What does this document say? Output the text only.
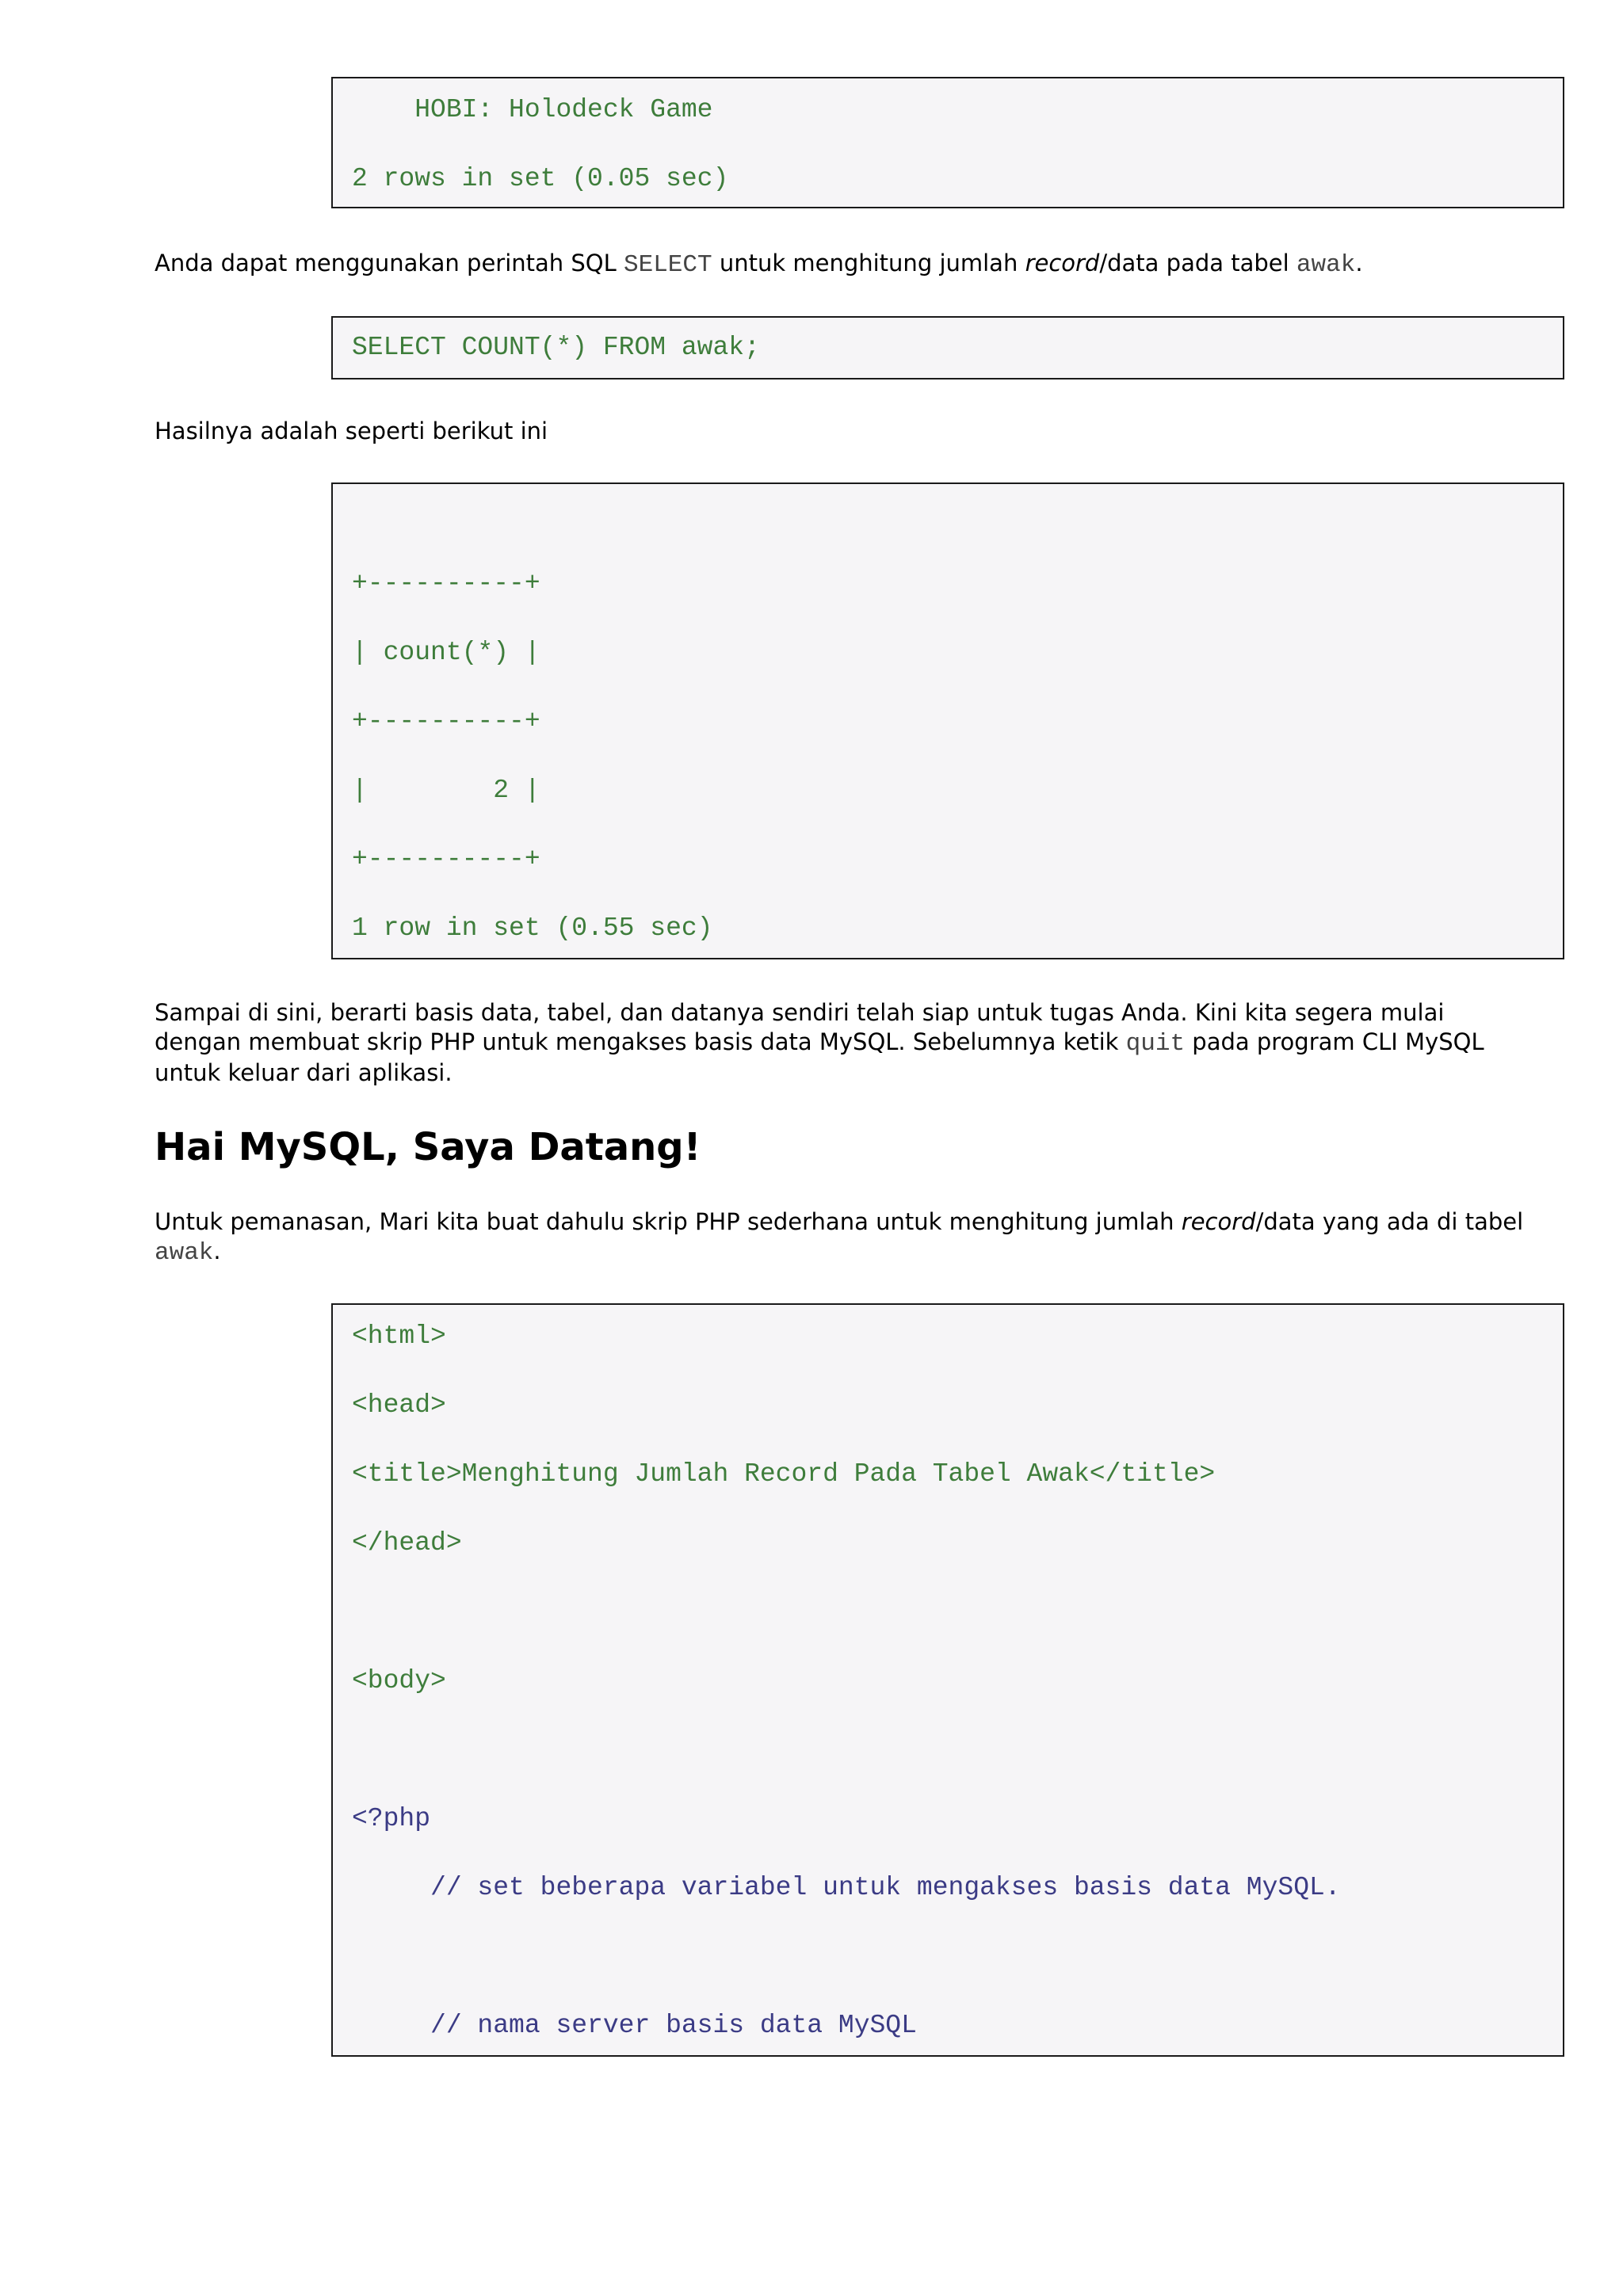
HOBI: Holodeck Game
2 rows in set (0.05 sec)
Anda dapat menggunakan perintah SQL SELECT untuk menghitung jumlah record/data pada tabel awak.
SELECT COUNT(*) FROM awak;
Hasilnya adalah seperti berikut ini
+----------+
| count(*) |
+----------+
|        2 |
+----------+
1 row in set (0.55 sec)
Sampai di sini, berarti basis data, tabel, dan datanya sendiri telah siap untuk tugas Anda. Kini kita segera mulai
dengan membuat skrip PHP untuk mengakses basis data MySQL. Sebelumnya ketik quit pada program CLI MySQL
untuk keluar dari aplikasi.
Hai MySQL, Saya Datang!
Untuk pemanasan, Mari kita buat dahulu skrip PHP sederhana untuk menghitung jumlah record/data yang ada di tabel
awak.
<html>
<head>
<title>Menghitung Jumlah Record Pada Tabel Awak</title>
</head>
<body>
<?php
// set beberapa variabel untuk mengakses basis data MySQL.
// nama server basis data MySQL
